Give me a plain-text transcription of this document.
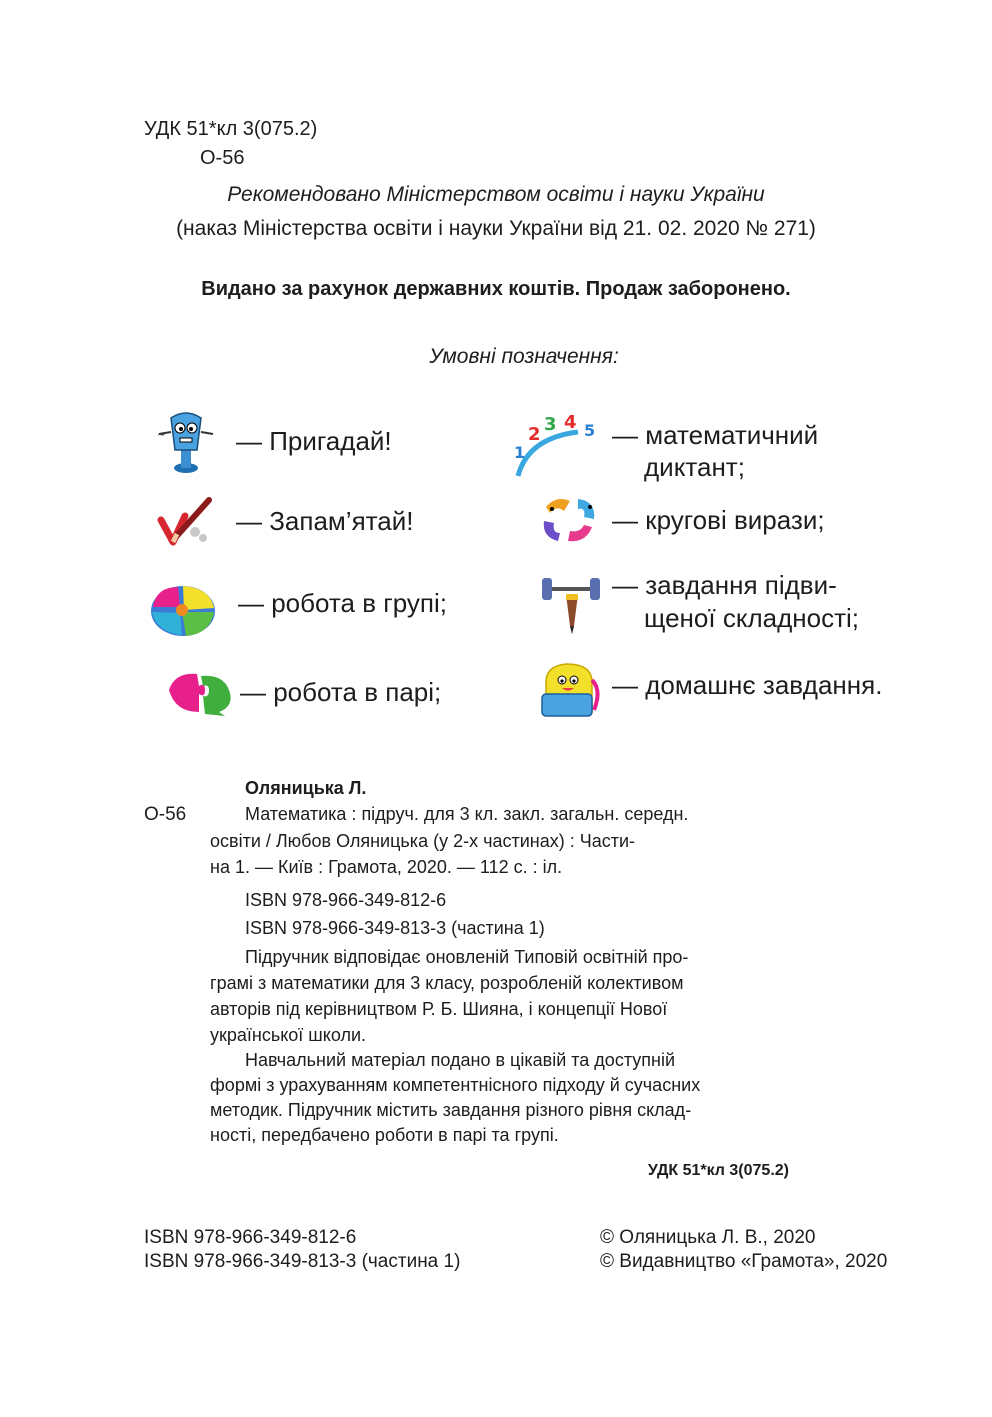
УДК 51*кл 3(075.2)
О-56
Рекомендовано Міністерством освіти і науки України
(наказ Міністерства освіти і науки України від 21. 02. 2020 № 271)
Видано за рахунок державних коштів. Продаж заборонено.
Умовні позначення:
~	— Пригадай!
— Запам’ятай!
— робота в групі;
— робота в парі;
1
2 3 4 5 — математичний
диктант;
— кругові вирази;
— завдання підви-
щеної складності;
— домашнє завдання.
Оляницька Л.
О-56	Математика : підруч. для 3 кл. закл. загальн. середн.
освіти / Любов Оляницька (у 2-х частинах) : Части-
на 1. — Київ : Грамота, 2020. — 112 с. : іл.
ISBN 978-966-349-812-6
ISBN 978-966-349-813-3 (частина 1)
Підручник відповідає оновленій Типовій освітній про-
грамі з математики для 3 класу, розробленій колективом
авторів під керівництвом Р. Б. Шияна, і концепції Нової
української школи.
Навчальний матеріал подано в цікавій та доступній
формі з урахуванням компетентнісного підходу й сучасних
методик. Підручник містить завдання різного рівня склад-
ності, передбачено роботи в парі та групі.
УДК 51*кл 3(075.2)
ISBN 978-966-349-812-6
ISBN 978-966-349-813-3 (частина 1)
© Оляницька Л. В., 2020
© Видавництво «Грамота», 2020
